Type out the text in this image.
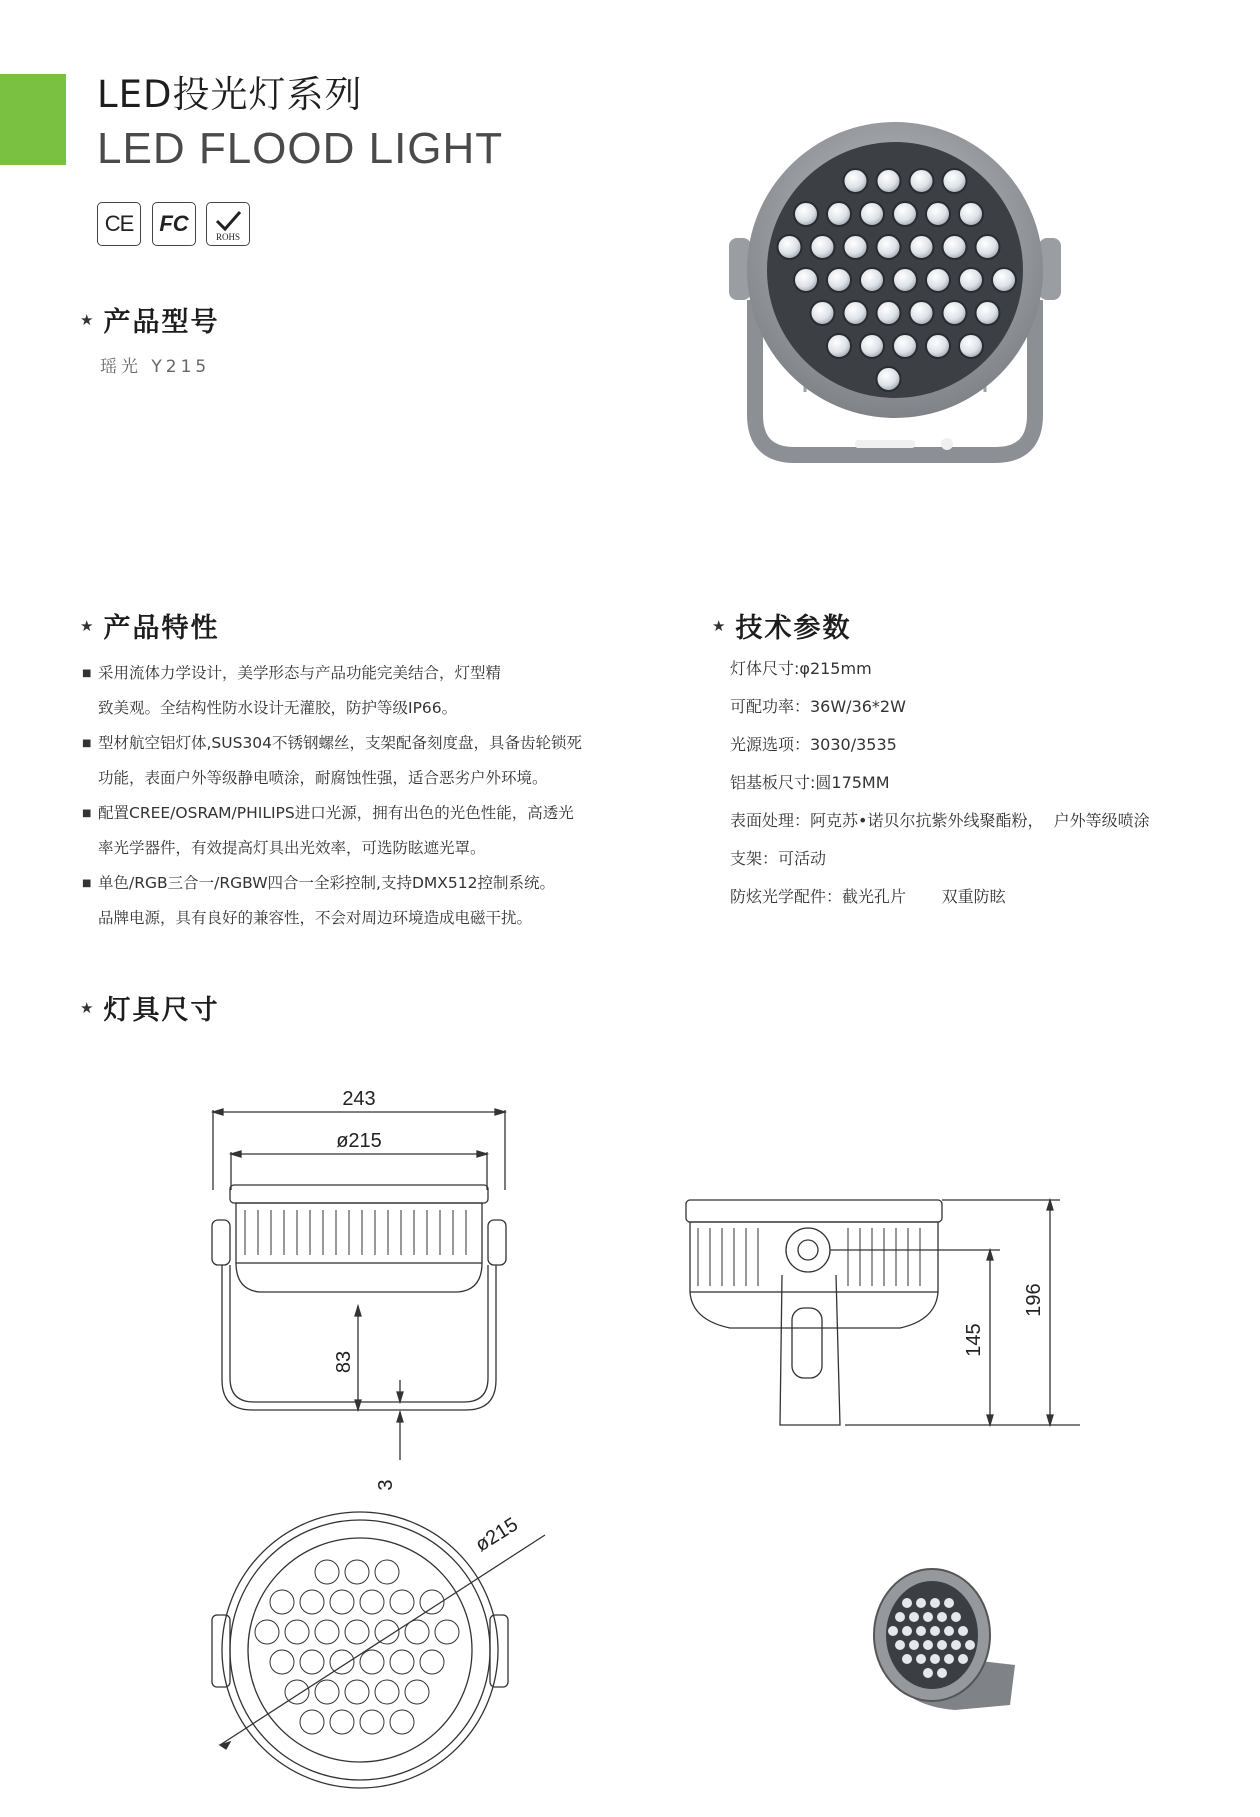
LED投光灯系列
LED FLOOD LIGHT
CE FC
ROHS
★ 产品型号
瑶光 Y215
★ 产品特性
■ 采用流体力学设计，美学形态与产品功能完美结合，灯型精
致美观。全结构性防水设计无灌胶，防护等级IP66。
■ 型材航空铝灯体,SUS304不锈钢螺丝，支架配备刻度盘，具备齿轮锁死
功能，表面户外等级静电喷涂，耐腐蚀性强，适合恶劣户外环境。
■ 配置CREE/OSRAM/PHILIPS进口光源，拥有出色的光色性能，高透光
率光学器件，有效提高灯具出光效率，可选防眩遮光罩。
■ 单色/RGB三合一/RGBW四合一全彩控制,支持DMX512控制系统。
品牌电源，具有良好的兼容性，不会对周边环境造成电磁干扰。
★ 技术参数
灯体尺寸:φ215mm
可配功率：36W/36*2W
光源选项：3030/3535
铝基板尺寸:圆175MM
表面处理：阿克苏•诺贝尔抗紫外线聚酯粉，  户外等级喷涂
支架：可活动
防炫光学配件：截光孔片       双重防眩
★ 灯具尺寸
243
ø215
83
3
145
196
ø215
